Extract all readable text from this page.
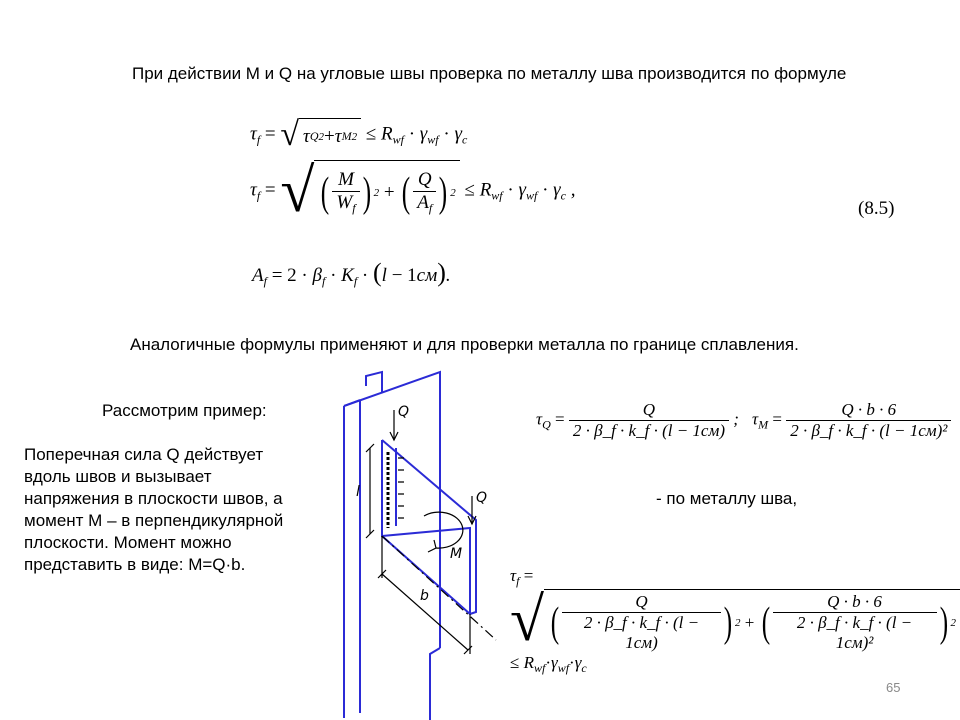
При действии М и Q на угловые швы проверка по металлу шва производится по формуле
$\tau_f$ = √ τ Q 2 + τ M $2 \le R_{wf} \cdot \gamma_{wf} \cdot \gamma_c$
$\tau_f$ = √ ( $\frac{M}{W_f}$ ) 2 + ( $\frac{Q}{A_f}$ ) $2 \le R_{wf} \cdot \gamma_{wf} \cdot \gamma_c$ ,
(8.5)
$A_f = 2 \cdot \beta_f \cdot K_f \cdot (l - 1см)$.
Аналогичные формулы применяют и для проверки металла по границе сплавления.
Рассмотрим пример:
Поперечная сила Q действует
вдоль швов и вызывает
напряжения в плоскости швов, а
момент М – в перпендикулярной
плоскости. Момент можно
представить в виде: M=Q·b.
Q
Q
M
l
b
$\tau_Q = \frac{Q}{2 \cdot \beta\_f \cdot k\_f \cdot (l - 1см)}$ ; $\tau_M = \frac{Q \cdot b \cdot 6}{\text{2 · β\_f · k\_f · (l − 1см)²}}$
- по металлу шва,
$\tau_f$ =
√ ( $\frac{Q}{2 \cdot \beta\_f \cdot k\_f \cdot (l - 1см)}$ ) 2 + ( $\frac{Q \cdot b \cdot 6}{\text{2 · β\_f · k\_f · (l − 1см)²}}$ ) 2
≤ $R_{wf}\cdot\gamma_{wf}\cdot\gamma_c$
65
